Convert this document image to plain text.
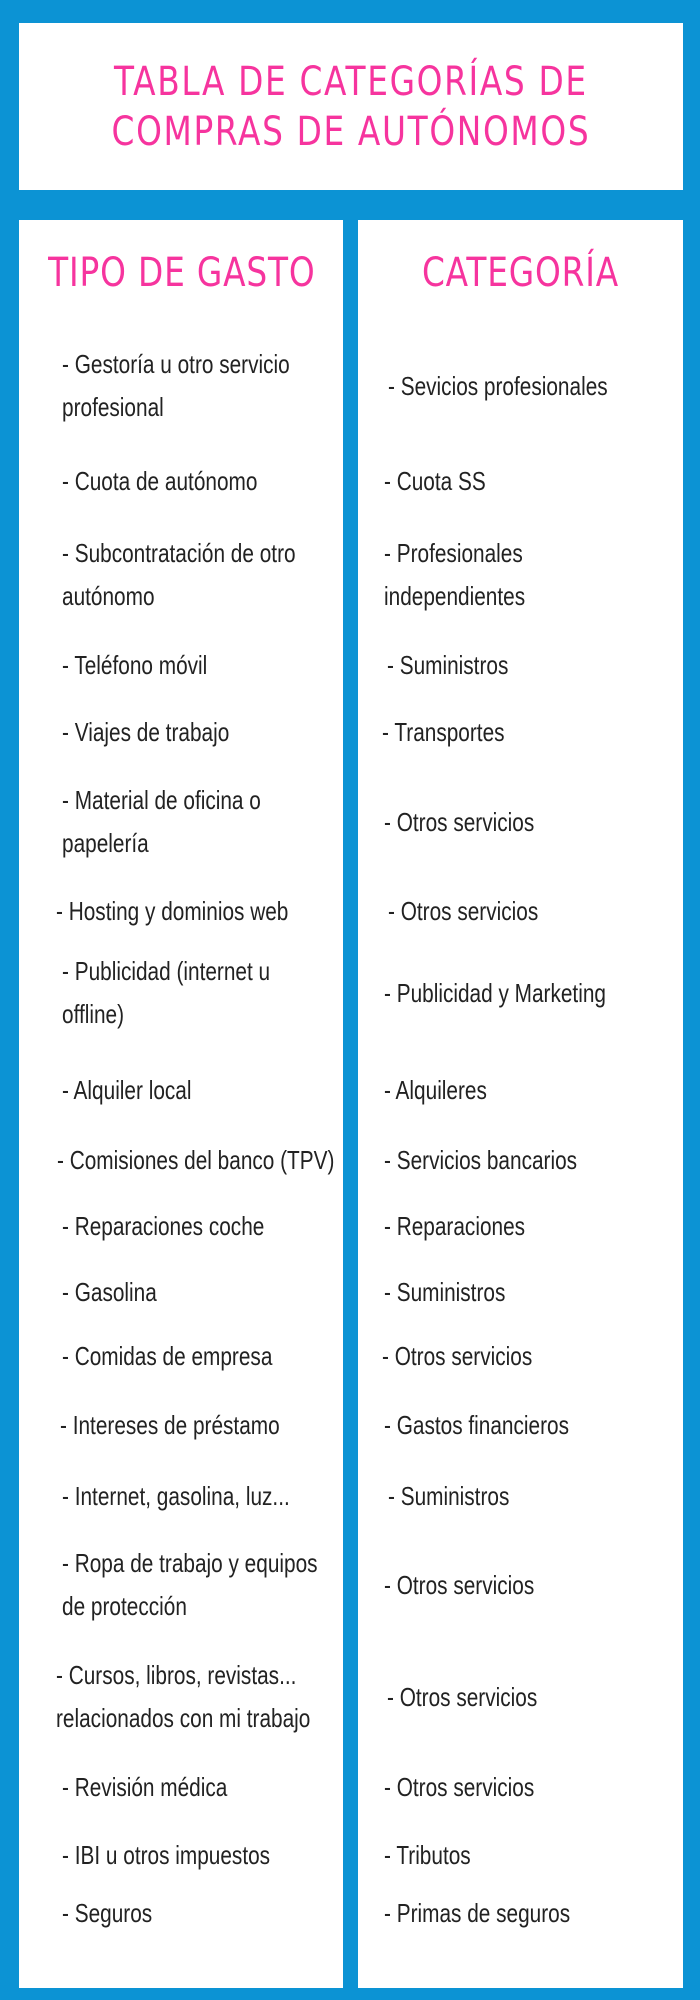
TABLA DE CATEGORÍAS DE
COMPRAS DE AUTÓNOMOS
TIPO DE GASTO
- Gestoría u otro servicio
profesional
- Cuota de autónomo
- Subcontratación de otro
autónomo
- Teléfono móvil
- Viajes de trabajo
- Material de oficina o
papelería
- Hosting y dominios web
- Publicidad (internet u
offline)
- Alquiler local
- Comisiones del banco (TPV)
- Reparaciones coche
- Gasolina
- Comidas de empresa
- Intereses de préstamo
- Internet, gasolina, luz...
- Ropa de trabajo y equipos
de protección
- Cursos, libros, revistas...
relacionados con mi trabajo
- Revisión médica
- IBI u otros impuestos
- Seguros
CATEGORÍA
- Sevicios profesionales
- Cuota SS
- Profesionales
independientes
- Suministros
- Transportes
- Otros servicios
- Otros servicios
- Publicidad y Marketing
- Alquileres
- Servicios bancarios
- Reparaciones
- Suministros
- Otros servicios
- Gastos financieros
- Suministros
- Otros servicios
- Otros servicios
- Otros servicios
- Tributos
- Primas de seguros
